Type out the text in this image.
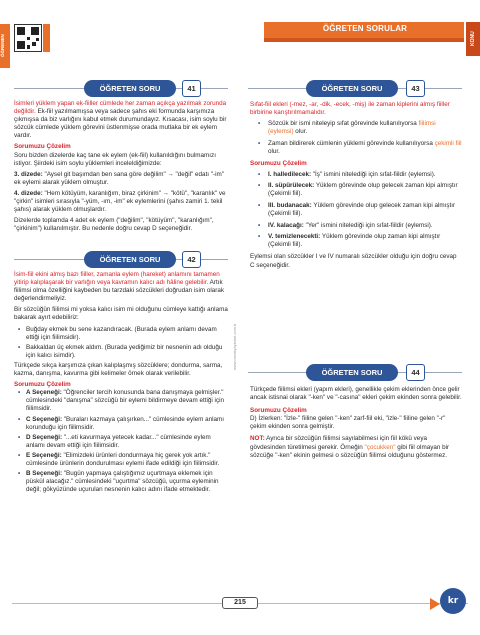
ÖĞRENEN
ÖĞRETEN SORULAR
KONU
ÖĞRETEN SORU	41
İsimleri yüklem yapan ek-fiiller cümlede her zaman açıkça yazılmak zorunda değildir. Ek-fiil yazılmamışsa veya sadece şahıs eki formunda karşımıza çıkmışsa da biz varlığını kabul etmek durumundayız. Kısacası, isim soylu bir sözcük cümlede yüklem görevini üstlenmişse orada mutlaka bir ek eylem vardır.
Sorumuzu Çözelim
Soru bizden dizelerde kaç tane ek eylem (ek-fiil) kullanıldığını bulmamızı istiyor. Şiirdeki isim soylu yüklemleri inceleldiğimizde:
3. dizede: "Aysel git başımdan ben sana göre değilim" → "değil" edatı "-im" ek eylemi alarak yüklem olmuştur.
4. dizede: "Hem kötüyüm, karanlığım, biraz çirkinim" → "kötü", "karanlık" ve "çirkin" isimleri sırasıyla "-yüm, -ım, -im" ek eylemlerini (şahıs zamiri 1. tekil şahıs) alarak yüklem olmuşlardır.
Dizelerde toplamda 4 adet ek eylem ("değilim", "kötüyüm", "karanlığım", "çirkinim") kullanılmıştır. Bu nedenle doğru cevap D seçeneğidir.
ÖĞRETEN SORU	42
İsim-fiil ekini almış bazı fiiller, zamanla eylem (hareket) anlamını tamamen yitirip kalıplaşarak bir varlığın veya kavramın kalıcı adı hâline gelebilir. Artık fiilimsi olma özelliğini kaybeden bu tarzdaki sözcükleri doğrudan isim olarak değerlendirmeliyiz.
Bir sözcüğün fiilimsi mi yoksa kalıcı isim mi olduğunu cümleye kattığı anlama bakarak ayırt edebiliriz:
• Buğday ekmek bu sene kazandıracak. (Burada eylem anlamı devam ettiği için fiilimsidir).
• Bakkaldan üç ekmek aldım. (Burada yediğimiz bir nesnenin adı olduğu için kalıcı isimdir).
Türkçede sıkça karşımıza çıkan kalıplaşmış sözcüklere; dondurma, sarma, kazma, danışma, kavurma gibi kelimeler örnek olarak verilebilir.
Sorumuzu Çözelim
• A Seçeneği: "Öğrenciler tercih konusunda bana danışmaya gelmişler." cümlesindeki "danışma" sözcüğü bir eylemi bildirmeye devam ettiği için fiilimsidir.
• C Seçeneği: "Buraları kazmaya çalışırken..." cümlesinde eylem anlamı korunduğu için fiilimsidir.
• D Seçeneği: "...eti kavurmaya yetecek kadar..." cümlesinde eylem anlamı devam ettiği için fiilimsidir.
• E Seçeneği: "Elimizdeki ürünleri dondurmaya hiç gerek yok artık." cümlesinde ürünlerin dondurulması eylemi ifade edildiği için fiilimsidir.
• B Seçeneği: "Bugün yapmaya çalıştığımız uçurtmaya eklemek için püskül alacağız." cümlesindeki "uçurtma" sözcüğü, uçurma eyleminin değil; gökyüzünde uçurulan nesnenin kalıcı adını ifade etmektedir.
www.ornekyayinlari.com.tr
ÖĞRETEN SORU	43
Sıfat-fiil ekleri (-mez, -ar, -dik, -ecek, -miş) ile zaman kiplerini almış fiiller birbirine karıştırılmamalıdır.
• Sözcük bir ismi niteleyip sıfat görevinde kullanılıyorsa fiilimsi (eylemsi) olur.
• Zaman bildirerek cümlenin yüklemi görevinde kullanılıyorsa çekimli fiil olur.
Sorumuzu Çözelim
• I. halledilecek: "İş" ismini nitelediği için sıfat-fiildir (eylemsi).
• II. süpürülecek: Yüklem görevinde olup gelecek zaman kipi almıştır (Çekimli fiil).
• III. budanacak: Yüklem görevinde olup gelecek zaman kipi almıştır (Çekimli fiil).
• IV. kalacağı: "Yer" ismini nitelediği için sıfat-fiildir (eylemsi).
• V. temizlenecekti: Yüklem görevinde olup zaman kipi almıştır (Çekimli fiil).
Eylemsi olan sözcükler I ve IV numaralı sözcükler olduğu için doğru cevap C seçeneğidir.
ÖĞRETEN SORU	44
Türkçede fiilimsi ekleri (yapım ekleri), genellikle çekim eklerinden önce gelir ancak istisnai olarak "-ken" ve "-casına" ekleri çekim ekinden sonra gelebilir.
Sorumuzu Çözelim
D) İzlerken: "İzle-" fiiline gelen "-ken" zarf-fiil eki, "izle-" fiiline gelen "-r" çekim ekinden sonra gelmiştir.
NOT: Ayrıca bir sözcüğün fiilimsi sayılabilmesi için fiil kökü veya gövdesinden türetilmesi gerekir. Örneğin "çocukken" gibi fiil olmayan bir sözcüğe "-ken" ekinin gelmesi o sözcüğün fiilimsi olduğunu göstermez.
215	kr
